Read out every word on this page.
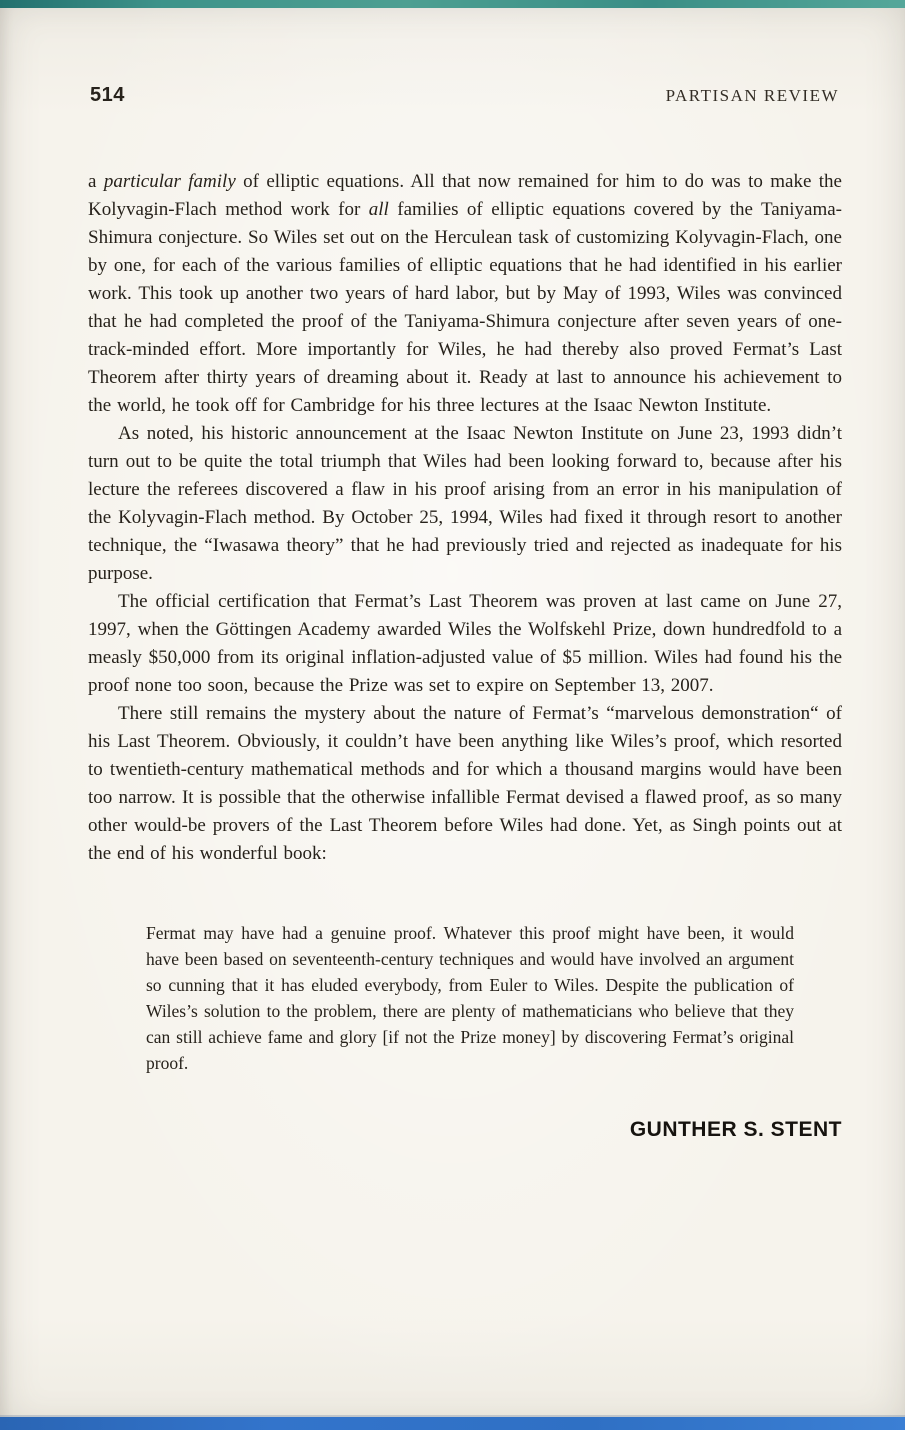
514	PARTISAN REVIEW

a particular family of elliptic equations. All that now remained for him to do was to make the Kolyvagin-Flach method work for all families of elliptic equations covered by the Taniyama-Shimura conjecture. So Wiles set out on the Herculean task of customizing Kolyvagin-Flach, one by one, for each of the various families of elliptic equations that he had identified in his earlier work. This took up another two years of hard labor, but by May of 1993, Wiles was convinced that he had completed the proof of the Taniyama-Shimura conjecture after seven years of one-track-minded effort. More importantly for Wiles, he had thereby also proved Fermat’s Last Theorem after thirty years of dreaming about it. Ready at last to announce his achievement to the world, he took off for Cambridge for his three lectures at the Isaac Newton Institute.

As noted, his historic announcement at the Isaac Newton Institute on June 23, 1993 didn’t turn out to be quite the total triumph that Wiles had been looking forward to, because after his lecture the referees discovered a flaw in his proof arising from an error in his manipulation of the Kolyvagin-Flach method. By October 25, 1994, Wiles had fixed it through resort to another technique, the “Iwasawa theory” that he had previously tried and rejected as inadequate for his purpose.

The official certification that Fermat’s Last Theorem was proven at last came on June 27, 1997, when the Göttingen Academy awarded Wiles the Wolfskehl Prize, down hundredfold to a measly $50,000 from its original inflation-adjusted value of $5 million. Wiles had found his the proof none too soon, because the Prize was set to expire on September 13, 2007.

There still remains the mystery about the nature of Fermat’s “marvelous demonstration“ of his Last Theorem. Obviously, it couldn’t have been anything like Wiles’s proof, which resorted to twentieth-century mathematical methods and for which a thousand margins would have been too narrow. It is possible that the otherwise infallible Fermat devised a flawed proof, as so many other would-be provers of the Last Theorem before Wiles had done. Yet, as Singh points out at the end of his wonderful book:

Fermat may have had a genuine proof. Whatever this proof might have been, it would have been based on seventeenth-century techniques and would have involved an argument so cunning that it has eluded everybody, from Euler to Wiles. Despite the publication of Wiles’s solution to the problem, there are plenty of mathematicians who believe that they can still achieve fame and glory [if not the Prize money] by discovering Fermat’s original proof.
GUNTHER S. STENT
